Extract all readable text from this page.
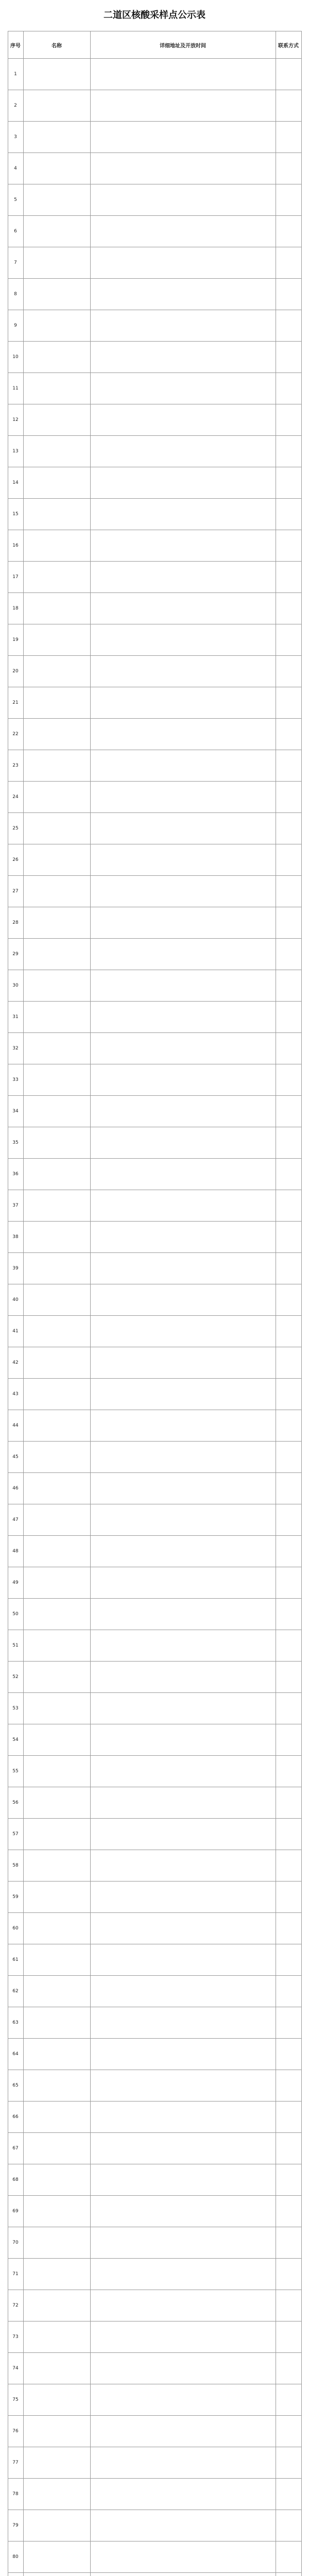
二道区核酸采样点公示表
序号	名称	详细地址及开放时间	联系方式
1			
2			
3			
4			
5			
6			
7			
8			
9			
10			
11			
12			
13			
14			
15			
16			
17			
18			
19			
20			
21			
22			
23			
24			
25			
26			
27			
28			
29			
30			
31			
32			
33			
34			
35			
36			
37			
38			
39			
40			
41			
42			
43			
44			
45			
46			
47			
48			
49			
50			
51			
52			
53			
54			
55			
56			
57			
58			
59			
60			
61			
62			
63			
64			
65			
66			
67			
68			
69			
70			
71			
72			
73			
74			
75			
76			
77			
78			
79			
80			
